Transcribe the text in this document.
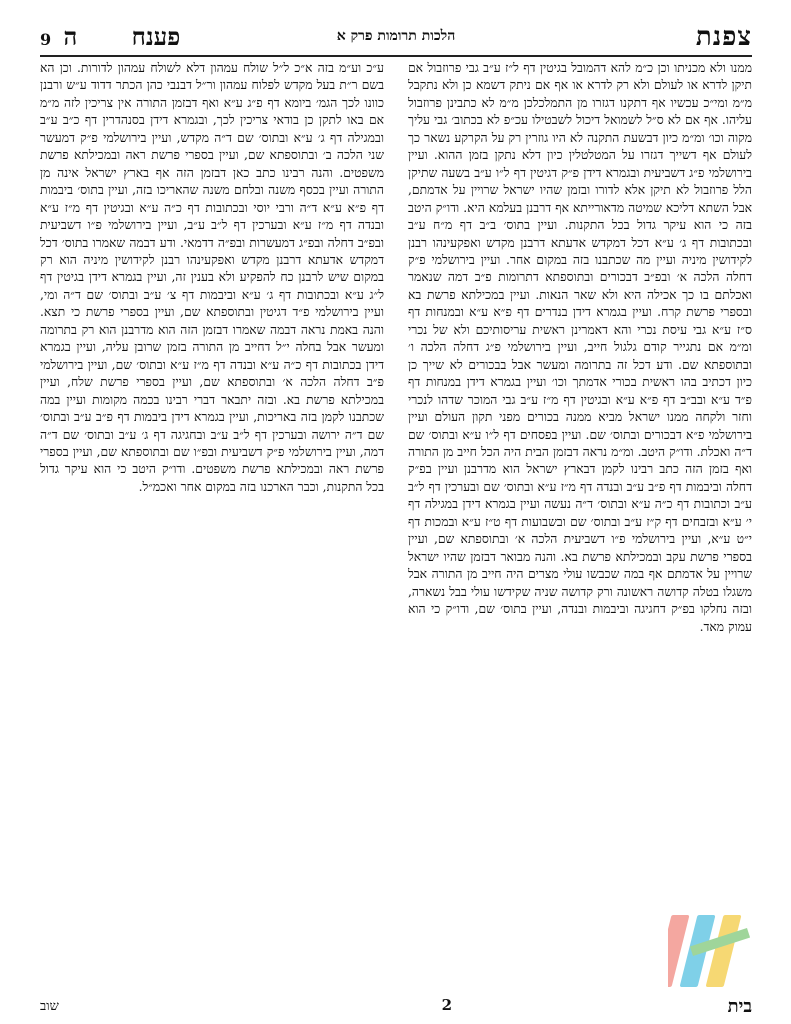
צפנת
הלכות תרומות פרק א
פענח ה 9

ממנו ולא מכניתו וכן כ״מ להא דהמובל בגיטין דף ל״ז ע״ב גבי פרוזבול אם תיקן לדרא או לעולם ולא רק לדרא או אף אם ניתק דשמא כן ולא נתקבל מ״מ ומי״כ עכשיו אף דתקנו דגזרו מן התמלכלכן מ״מ לא כתבינן פרוזבול עליהו. אף אם לא ס״ל לשמואל דיכול לשבטילו עכ״פ לא בכתוב׳ גבי עליך מקוה וכו׳ ומ״מ כיון דבשעת התקנה לא היו גוזרין רק על הקרקע נשאר כך לעולם אף דשייך דגזרו על המטלטלין כיון דלא נתקן בזמן ההוא. ועיין בירושלמי פ״ג דשביעית ובגמרא דידן פ״ק דגיטין דף ל״ו ע״ב בשעה שתיקן הלל פרוזבול לא תיקן אלא לדורו ובזמן שהיו ישראל שרויין על אדמתם, אבל השתא דליכא שמיטה מדאורייתא אף דרבנן בעלמא היא. ודו״ק היטב בזה כי הוא עיקר גדול בכל התקנות. ועיין בתוס׳ ב״ב דף מ״ח ע״ב ובכתובות דף ג׳ ע״א דכל דמקדש אדעתא דרבנן מקדש ואפקעינהו רבנן לקידושין מיניה ועיין מה שכתבנו בזה במקום אחר. ועיין בירושלמי פ״ק דחלה הלכה א׳ ובפ״ב דבכורים ובתוספתא דתרומות פ״ב דמה שנאמר ואכלתם בו כך אכילה היא ולא שאר הנאות. ועיין במכילתא פרשת בא ובספרי פרשת קרח. ועיין בגמרא דידן בנדרים דף פ״א ע״א ובמנחות דף ס״ז ע״א גבי עיסת נכרי והא דאמרינן ראשית עריסותיכם ולא של נכרי ומ״מ אם נתגייר קודם גלגול חייב, ועיין בירושלמי פ״ג דחלה הלכה ו׳ ובתוספתא שם. ודע דכל זה בתרומה ומעשר אבל בבכורים לא שייך כן כיון דכתיב בהו ראשית בכורי אדמתך וכו׳ ועיין בגמרא דידן במנחות דף פ״ד ע״א ובב״ב דף פ״א ע״א ובגיטין דף מ״ז ע״ב גבי המוכר שדהו לנכרי וחזר ולקחה ממנו ישראל מביא ממנה בכורים מפני תקון העולם ועיין בירושלמי פ״א דבכורים ובתוס׳ שם. ועיין בפסחים דף ל״ו ע״א ובתוס׳ שם ד״ה ואכלת. ודו״ק היטב. ומ״מ נראה דבזמן הבית היה הכל חייב מן התורה ואף בזמן הזה כתב רבינו לקמן דבארץ ישראל הוא מדרבנן ועיין בפ״ק דחלה וביבמות דף פ״ב ע״ב ובנדה דף מ״ז ע״א ובתוס׳ שם ובערכין דף ל״ב ע״ב וכתובות דף כ״ה ע״א ובתוס׳ ד״ה נעשה ועיין בגמרא דידן במגילה דף י׳ ע״א ובזבחים דף ק״ז ע״ב ובתוס׳ שם ובשבועות דף ט״ז ע״א ובמכות דף י״ט ע״א, ועיין בירושלמי פ״ו דשביעית הלכה א׳ ובתוספתא שם, ועיין בספרי פרשת עקב ובמכילתא פרשת בא. והנה מבואר דבזמן שהיו ישראל שרויין על אדמתם אף במה שכבשו עולי מצרים היה חייב מן התורה אבל משגלו בטלה קדושה ראשונה ורק קדושה שניה שקידשו עולי בבל נשארה, ובזה נחלקו בפ״ק דחגיגה וביבמות ובנדה, ועיין בתוס׳ שם, ודו״ק כי הוא עמוק מאד.

ע״כ וע״מ בזה א״כ ל״ל שולח עמהון דלא לשולח עמהון לדורות. וכן הא בשם ר״ת בעל מקדש לפלוח עמהון ור״ל דבנבי כהן הכתר דדוד ע״ש ורבנן כוונו לכך הגמ׳ ביומא דף פ״ג ע״א ואף דבזמן התורה אין צריכין לזה מ״מ אם באו לתקן כן בודאי צריכין לכך, ובגמרא דידן בסנהדרין דף כ״ב ע״ב ובמגילה דף ג׳ ע״א ובתוס׳ שם ד״ה מקדש, ועיין בירושלמי פ״ק דמעשר שני הלכה ב׳ ובתוספתא שם, ועיין בספרי פרשת ראה ובמכילתא פרשת משפטים. והנה רבינו כתב כאן דבזמן הזה אף בארץ ישראל אינה מן התורה ועיין בכסף משנה ובלחם משנה שהאריכו בזה, ועיין בתוס׳ ביבמות דף פ״א ע״א ד״ה ורבי יוסי ובכתובות דף כ״ה ע״א ובגיטין דף מ״ז ע״א ובנדה דף מ״ז ע״א ובערכין דף ל״ב ע״ב, ועיין בירושלמי פ״ו דשביעית ובפ״ב דחלה ובפ״ג דמעשרות ובפ״ה דדמאי. ודע דבמה שאמרו בתוס׳ דכל דמקדש אדעתא דרבנן מקדש ואפקעינהו רבנן לקידושין מיניה הוא רק במקום שיש לרבנן כח להפקיע ולא בענין זה, ועיין בגמרא דידן בגיטין דף ל״ג ע״א ובכתובות דף ג׳ ע״א וביבמות דף צ׳ ע״ב ובתוס׳ שם ד״ה ומי, ועיין בירושלמי פ״ד דגיטין ובתוספתא שם, ועיין בספרי פרשת כי תצא. והנה באמת נראה דבמה שאמרו דבזמן הזה הוא מדרבנן הוא רק בתרומה ומעשר אבל בחלה י״ל דחייב מן התורה בזמן שרובן עליה, ועיין בגמרא דידן בכתובות דף כ״ה ע״א ובנדה דף מ״ז ע״א ובתוס׳ שם, ועיין בירושלמי פ״ב דחלה הלכה א׳ ובתוספתא שם, ועיין בספרי פרשת שלח, ועיין במכילתא פרשת בא. ובזה יתבאר דברי רבינו בכמה מקומות ועיין במה שכתבנו לקמן בזה באריכות, ועיין בגמרא דידן ביבמות דף פ״ב ע״ב ובתוס׳ שם ד״ה ירושה ובערכין דף ל״ב ע״ב ובחגיגה דף ג׳ ע״ב ובתוס׳ שם ד״ה דמה, ועיין בירושלמי פ״ק דשביעית ובפ״ו שם ובתוספתא שם, ועיין בספרי פרשת ראה ובמכילתא פרשת משפטים. ודו״ק היטב כי הוא עיקר גדול בכל התקנות, וכבר הארכנו בזה במקום אחר ואכמ״ל.

בית
2
שוב
